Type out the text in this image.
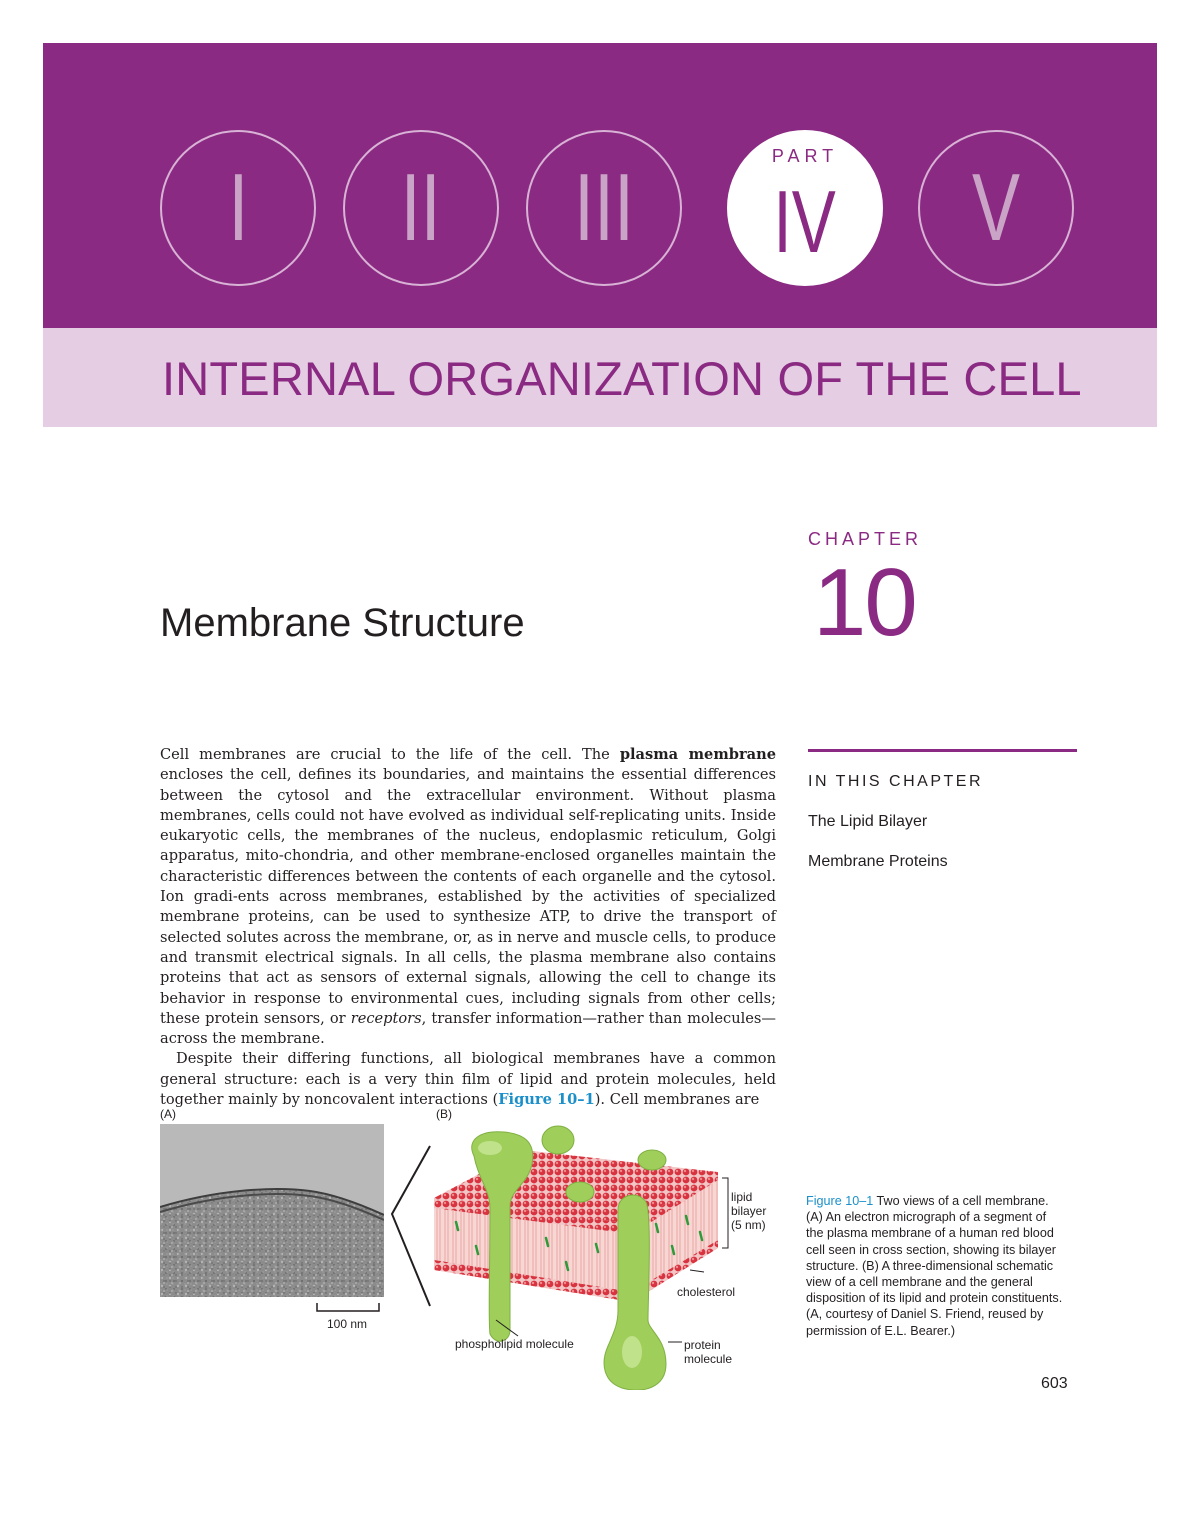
I II III	PART
IV V
INTERNAL ORGANIZATION OF THE CELL
CHAPTER
10
Membrane Structure
IN THIS CHAPTER
The Lipid Bilayer
Membrane Proteins

Cell membranes are crucial to the life of the cell. The plasma membrane encloses the cell, defines its boundaries, and maintains the essential differences between the cytosol and the extracellular environment. Without plasma membranes, cells could not have evolved as individual self-replicating units. Inside eukaryotic cells, the membranes of the nucleus, endoplasmic reticulum, Golgi apparatus, mito-chondria, and other membrane-enclosed organelles maintain the characteristic differences between the contents of each organelle and the cytosol. Ion gradi-ents across membranes, established by the activities of specialized membrane proteins, can be used to synthesize ATP, to drive the transport of selected solutes across the membrane, or, as in nerve and muscle cells, to produce and transmit electrical signals. In all cells, the plasma membrane also contains proteins that act as sensors of external signals, allowing the cell to change its behavior in response to environmental cues, including signals from other cells; these protein sensors, or receptors, transfer information—rather than molecules—across the membrane.

Despite their differing functions, all biological membranes have a common general structure: each is a very thin film of lipid and protein molecules, held together mainly by noncovalent interactions (Figure 10–1). Cell membranes are

(A)
100 nm
(B)
lipid
bilayer
(5 nm)
cholesterol
phospholipid molecule	protein
molecule

Figure 10–1 Two views of a cell membrane. (A) An electron micrograph of a segment of the plasma membrane of a human red blood cell seen in cross section, showing its bilayer structure. (B) A three-dimensional schematic view of a cell membrane and the general disposition of its lipid and protein constituents. (A, courtesy of Daniel S. Friend, reused by permission of E.L. Bearer.)

603
